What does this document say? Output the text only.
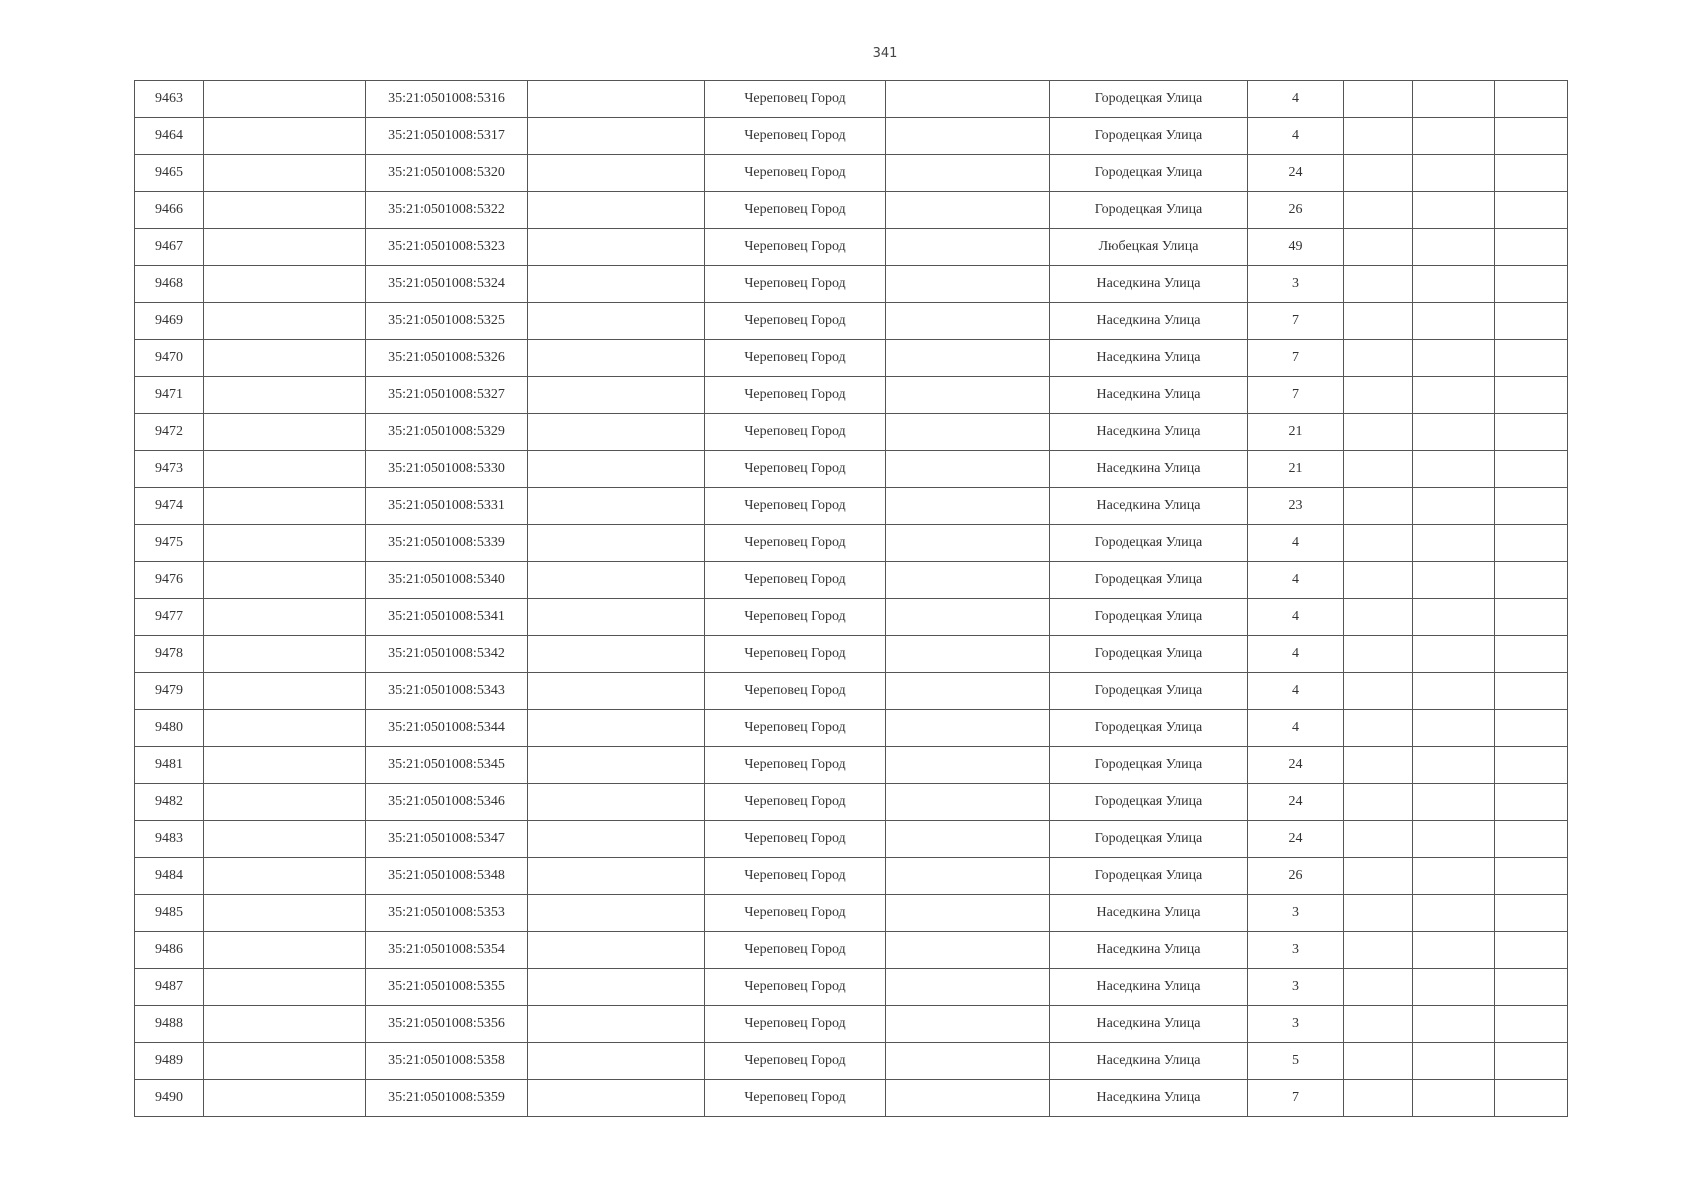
341
9463		35:21:0501008:5316		Череповец Город		Городецкая Улица	4			
9464		35:21:0501008:5317		Череповец Город		Городецкая Улица	4			
9465		35:21:0501008:5320		Череповец Город		Городецкая Улица	24			
9466		35:21:0501008:5322		Череповец Город		Городецкая Улица	26			
9467		35:21:0501008:5323		Череповец Город		Любецкая Улица	49			
9468		35:21:0501008:5324		Череповец Город		Наседкина Улица	3			
9469		35:21:0501008:5325		Череповец Город		Наседкина Улица	7			
9470		35:21:0501008:5326		Череповец Город		Наседкина Улица	7			
9471		35:21:0501008:5327		Череповец Город		Наседкина Улица	7			
9472		35:21:0501008:5329		Череповец Город		Наседкина Улица	21			
9473		35:21:0501008:5330		Череповец Город		Наседкина Улица	21			
9474		35:21:0501008:5331		Череповец Город		Наседкина Улица	23			
9475		35:21:0501008:5339		Череповец Город		Городецкая Улица	4			
9476		35:21:0501008:5340		Череповец Город		Городецкая Улица	4			
9477		35:21:0501008:5341		Череповец Город		Городецкая Улица	4			
9478		35:21:0501008:5342		Череповец Город		Городецкая Улица	4			
9479		35:21:0501008:5343		Череповец Город		Городецкая Улица	4			
9480		35:21:0501008:5344		Череповец Город		Городецкая Улица	4			
9481		35:21:0501008:5345		Череповец Город		Городецкая Улица	24			
9482		35:21:0501008:5346		Череповец Город		Городецкая Улица	24			
9483		35:21:0501008:5347		Череповец Город		Городецкая Улица	24			
9484		35:21:0501008:5348		Череповец Город		Городецкая Улица	26			
9485		35:21:0501008:5353		Череповец Город		Наседкина Улица	3			
9486		35:21:0501008:5354		Череповец Город		Наседкина Улица	3			
9487		35:21:0501008:5355		Череповец Город		Наседкина Улица	3			
9488		35:21:0501008:5356		Череповец Город		Наседкина Улица	3			
9489		35:21:0501008:5358		Череповец Город		Наседкина Улица	5			
9490		35:21:0501008:5359		Череповец Город		Наседкина Улица	7			
